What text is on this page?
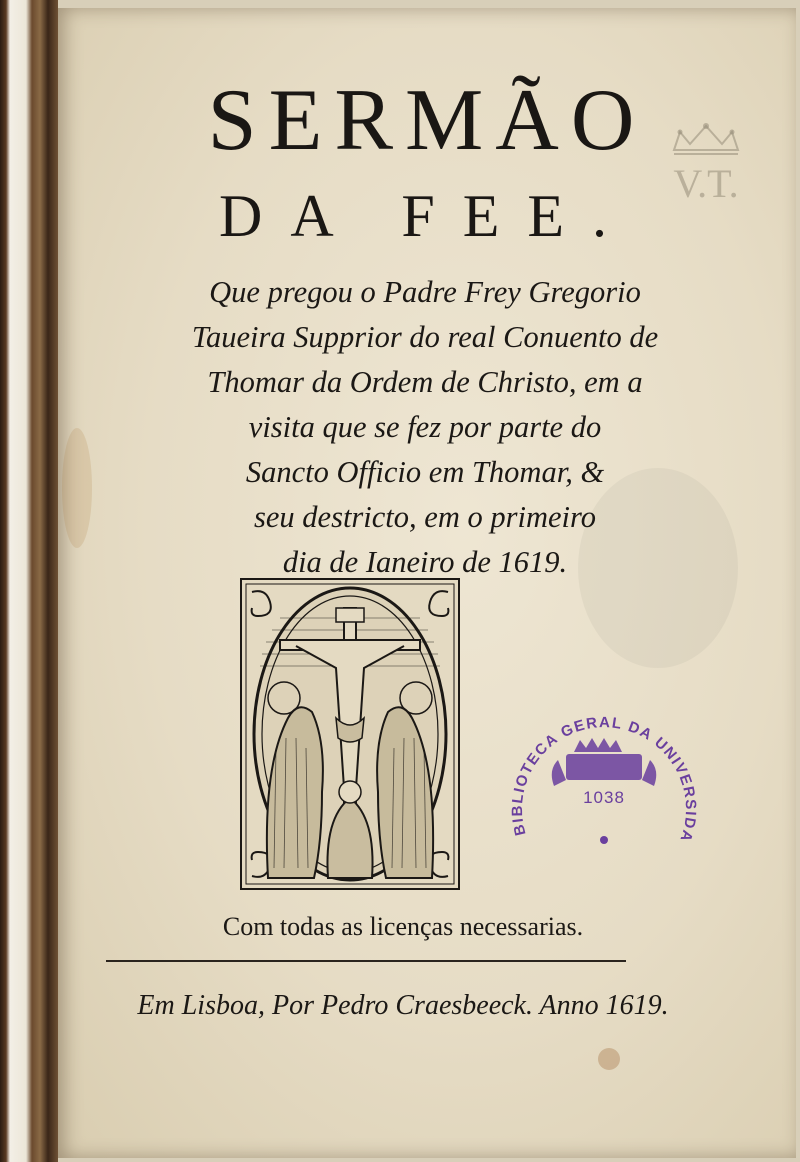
V.T.
SERMÃO
DA FEE.

Que pregou o Padre Frey Gregorio
Taueira Supprior do real Conuento de
Thomar da Ordem de Christo, em a
visita que se fez por parte do
Sancto Officio em Thomar, &
seu destricto, em o primeiro
dia de Ianeiro de 1619.

Com todas as licenças necessarias.
Em Lisboa, Por Pedro Craesbeeck. Anno 1619.
BIBLIOTECA GERAL DA UNIVERSIDA
1038
